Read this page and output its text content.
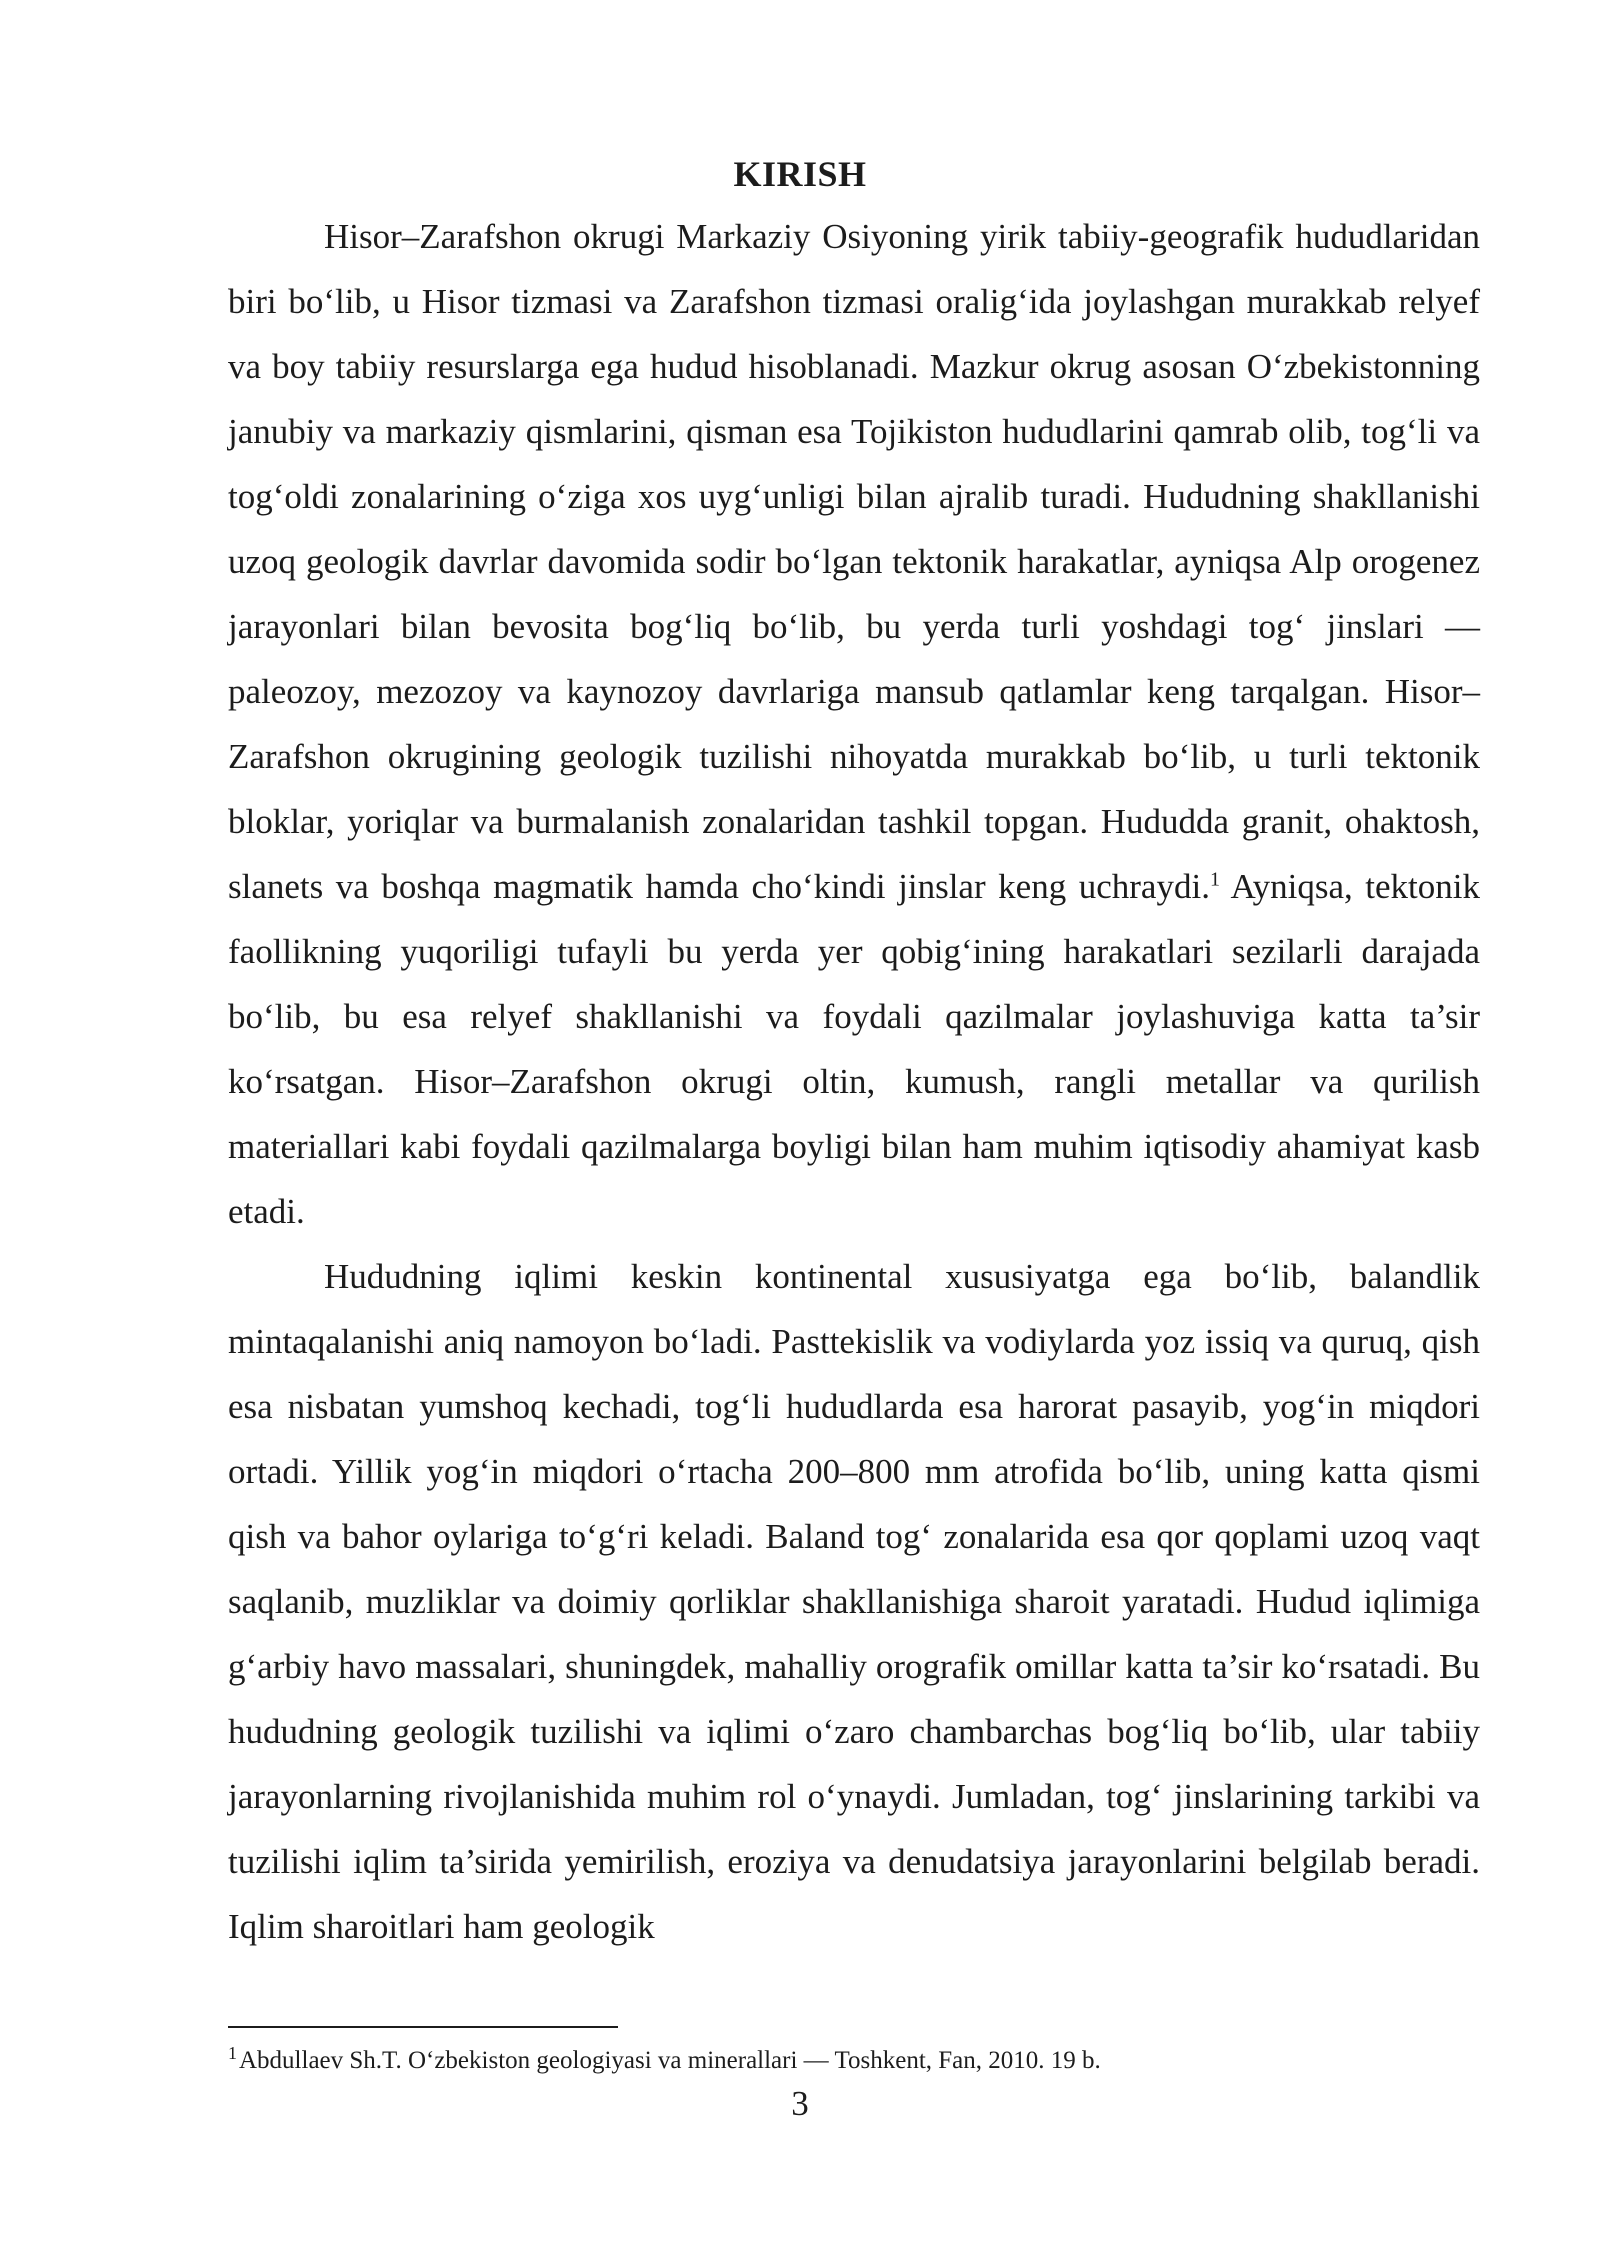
KIRISH

Hisor–Zarafshon okrugi Markaziy Osiyoning yirik tabiiy-geografik hududlaridan biri bo‘lib, u Hisor tizmasi va Zarafshon tizmasi oralig‘ida joylashgan murakkab relyef va boy tabiiy resurslarga ega hudud hisoblanadi. Mazkur okrug asosan O‘zbekistonning janubiy va markaziy qismlarini, qisman esa Tojikiston hududlarini qamrab olib, tog‘li va tog‘oldi zonalarining o‘ziga xos uyg‘unligi bilan ajralib turadi. Hududning shakllanishi uzoq geologik davrlar davomida sodir bo‘lgan tektonik harakatlar, ayniqsa Alp orogenez jarayonlari bilan bevosita bog‘liq bo‘lib, bu yerda turli yoshdagi tog‘ jinslari — paleozoy, mezozoy va kaynozoy davrlariga mansub qatlamlar keng tarqalgan. Hisor–Zarafshon okrugining geologik tuzilishi nihoyatda murakkab bo‘lib, u turli tektonik bloklar, yoriqlar va burmalanish zonalaridan tashkil topgan. Hududda granit, ohaktosh, slanets va boshqa magmatik hamda cho‘kindi jinslar keng uchraydi.$^1$ Ayniqsa, tektonik faollikning yuqoriligi tufayli bu yerda yer qobig‘ining harakatlari sezilarli darajada bo‘lib, bu esa relyef shakllanishi va foydali qazilmalar joylashuviga katta ta’sir ko‘rsatgan. Hisor–Zarafshon okrugi oltin, kumush, rangli metallar va qurilish materiallari kabi foydali qazilmalarga boyligi bilan ham muhim iqtisodiy ahamiyat kasb etadi.

Hududning iqlimi keskin kontinental xususiyatga ega bo‘lib, balandlik mintaqalanishi aniq namoyon bo‘ladi. Pasttekislik va vodiylarda yoz issiq va quruq, qish esa nisbatan yumshoq kechadi, tog‘li hududlarda esa harorat pasayib, yog‘in miqdori ortadi. Yillik yog‘in miqdori o‘rtacha 200–800 mm atrofida bo‘lib, uning katta qismi qish va bahor oylariga to‘g‘ri keladi. Baland tog‘ zonalarida esa qor qoplami uzoq vaqt saqlanib, muzliklar va doimiy qorliklar shakllanishiga sharoit yaratadi. Hudud iqlimiga g‘arbiy havo massalari, shuningdek, mahalliy orografik omillar katta ta’sir ko‘rsatadi. Bu hududning geologik tuzilishi va iqlimi o‘zaro chambarchas bog‘liq bo‘lib, ular tabiiy jarayonlarning rivojlanishida muhim rol o‘ynaydi. Jumladan, tog‘ jinslarining tarkibi va tuzilishi iqlim ta’sirida yemirilish, eroziya va denudatsiya jarayonlarini belgilab beradi. Iqlim sharoitlari ham geologik

$^1$Abdullaev Sh.T. O‘zbekiston geologiyasi va minerallari — Toshkent, Fan, 2010. 19 b.

3
